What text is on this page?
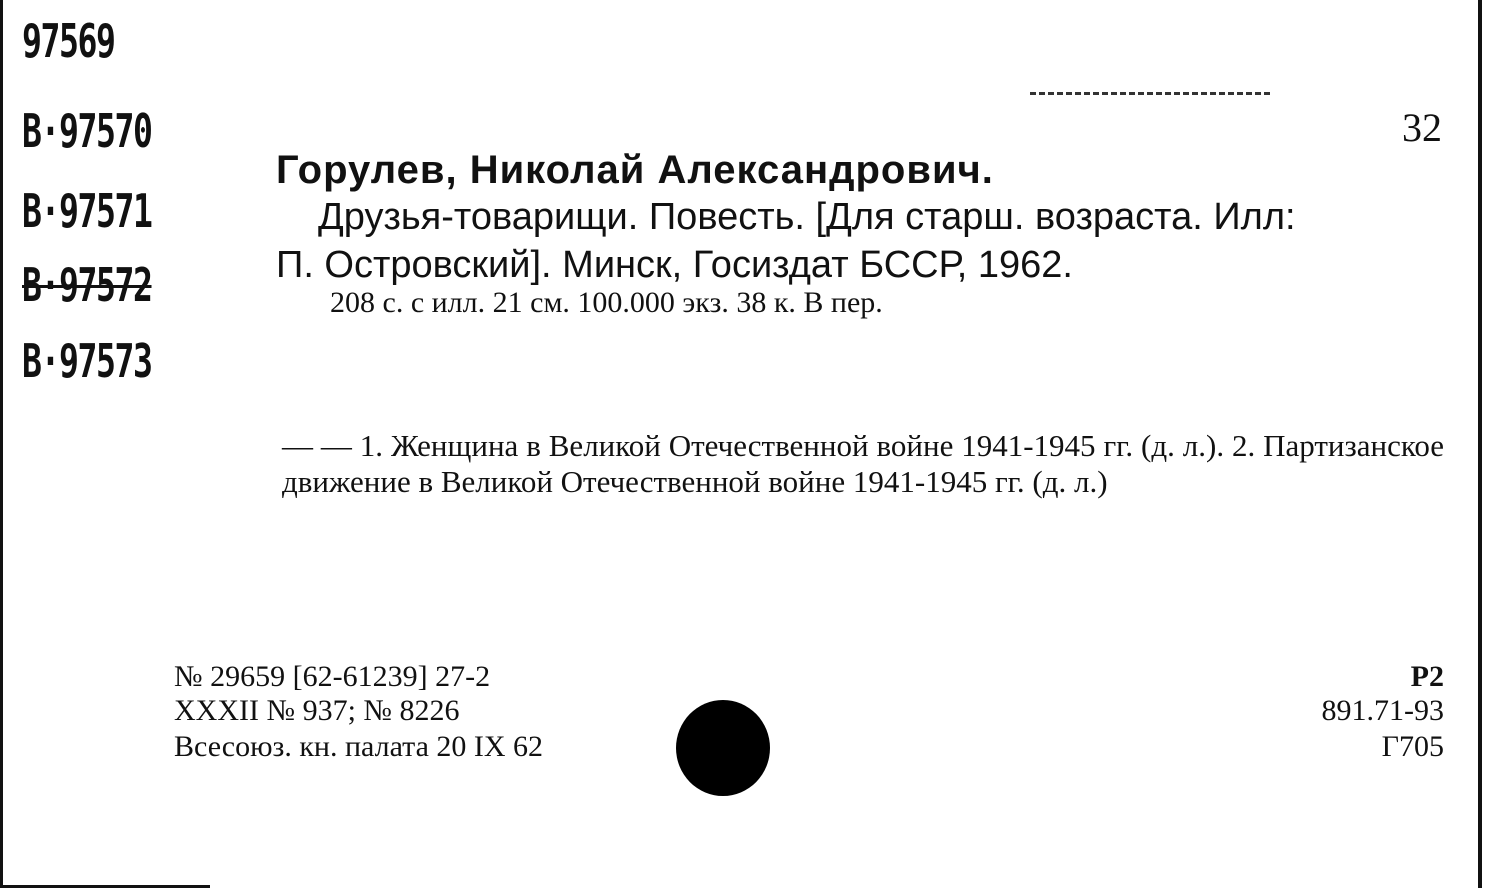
97569
В·97570
В·97571
В·97572
В·97573
32
Горулев, Николай Александрович.
Друзья-товарищи. Повесть. [Для старш. возраста. Илл:
П. Островский]. Минск, Госиздат БССР, 1962.
208 с. с илл. 21 см. 100.000 экз. 38 к. В пер.
— — 1. Женщина в Великой Отечественной войне 1941-1945 гг. (д. л.). 2. Партизанское движение в Великой Отечественной войне 1941-1945 гг. (д. л.)
№ 29659 [62-61239] 27-2
XXXII № 937; № 8226
Всесоюз. кн. палата 20 IX 62
Р2
891.71-93
Г705
